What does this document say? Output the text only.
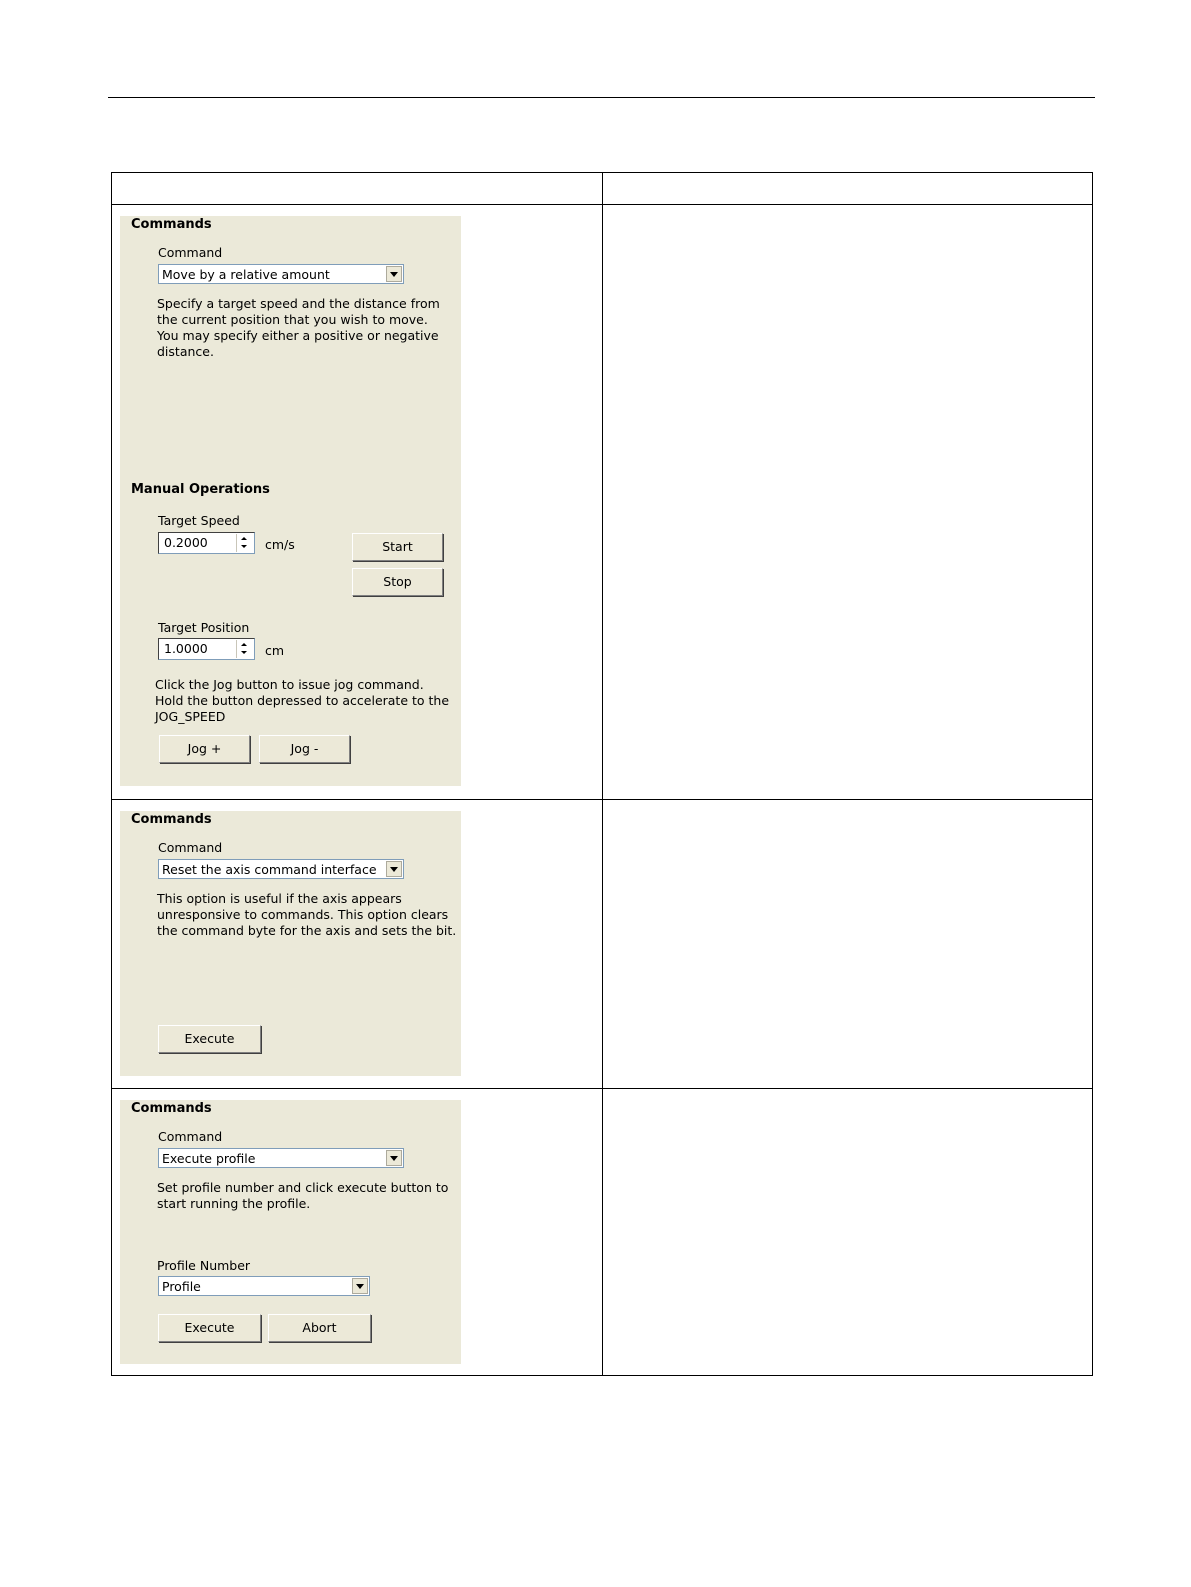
Commands
Command
Move by a relative amount
Specify a target speed and the distance from the current position that you wish to move. You may specify either a positive or negative distance.
Manual Operations
Target Speed
0.2000	cm/s	Start
Stop
Target Position
1.0000	cm
Click the Jog button to issue jog command. Hold the button depressed to accelerate to the JOG_SPEED
Jog +	Jog -
Commands
Command
Reset the axis command interface
This option is useful if the axis appears unresponsive to commands. This option clears the command byte for the axis and sets the bit.
Execute
Commands
Command
Execute profile
Set profile number and click execute button to start running the profile.
Profile Number
Profile
Execute	Abort
